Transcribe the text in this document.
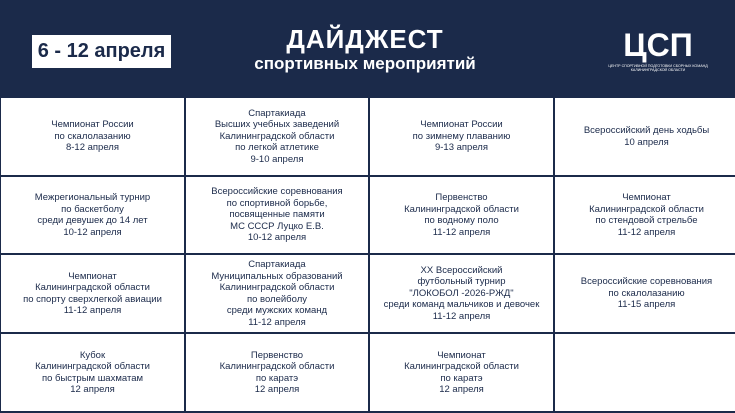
6 - 12 апреля	ДАЙДЖЕСТ
спортивных мероприятий
ЦСП
ЦЕНТР СПОРТИВНОЙ ПОДГОТОВКИ СБОРНЫХ КОМАНД КАЛИНИНГРАДСКОЙ ОБЛАСТИ
Чемпионат России
по скалолазанию
8-12 апреля
Спартакиада
Высших учебных заведений
Калининградской области
по легкой атлетике
9-10 апреля
Чемпионат России
по зимнему плаванию
9-13 апреля
Всероссийский день ходьбы
10 апреля
Межрегиональный турнир
по баскетболу
среди девушек до 14 лет
10-12 апреля
Всероссийские соревнования
по спортивной борьбе,
посвященные памяти
МС СССР Луцко Е.В.
10-12 апреля
Первенство
Калининградской области
по водному поло
11-12 апреля
Чемпионат
Калининградской области
по стендовой стрельбе
11-12 апреля
Чемпионат
Калининградской области
по спорту сверхлегкой авиации
11-12 апреля
Спартакиада
Муниципальных образований
Калининградской области
по волейболу
среди мужских команд
11-12 апреля
XX Всероссийский
футбольный турнир
"ЛОКОБОЛ -2026-РЖД"
среди команд мальчиков и девочек
11-12 апреля
Всероссийские соревнования
по скалолазанию
11-15 апреля
Кубок
Калининградской области
по быстрым шахматам
12 апреля
Первенство
Калининградской области
по каратэ
12 апреля
Чемпионат
Калининградской области
по каратэ
12 апреля
